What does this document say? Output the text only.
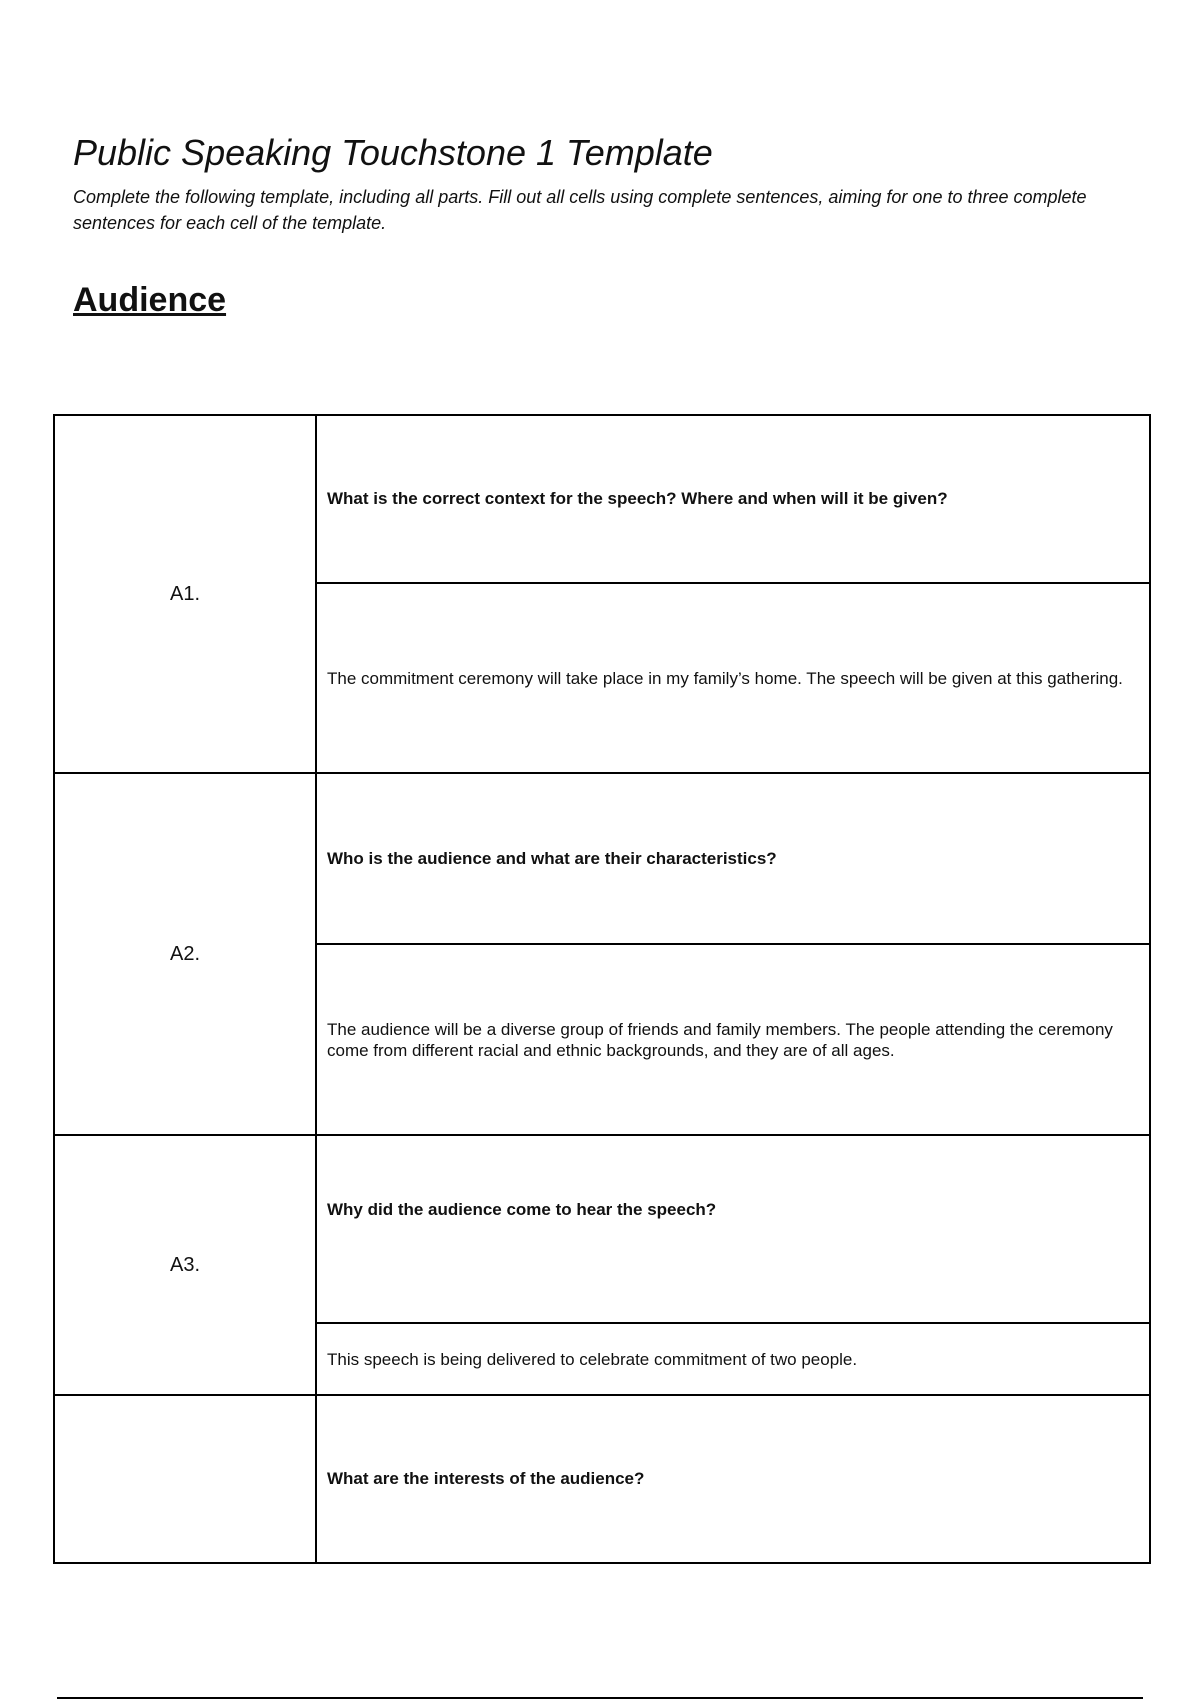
Public Speaking Touchstone 1 Template

Complete the following template, including all parts. Fill out all cells using complete sentences, aiming for one to three complete sentences for each cell of the template.

Audience
A1.	What is the correct context for the speech? Where and when will it be given?
	The commitment ceremony will take place in my family’s home. The speech will be given at this gathering.
A2.	Who is the audience and what are their characteristics?
	The audience will be a diverse group of friends and family members. The people attending the ceremony come from different racial and ethnic backgrounds, and they are of all ages.
A3.	Why did the audience come to hear the speech?
	This speech is being delivered to celebrate commitment of two people.
	What are the interests of the audience?
